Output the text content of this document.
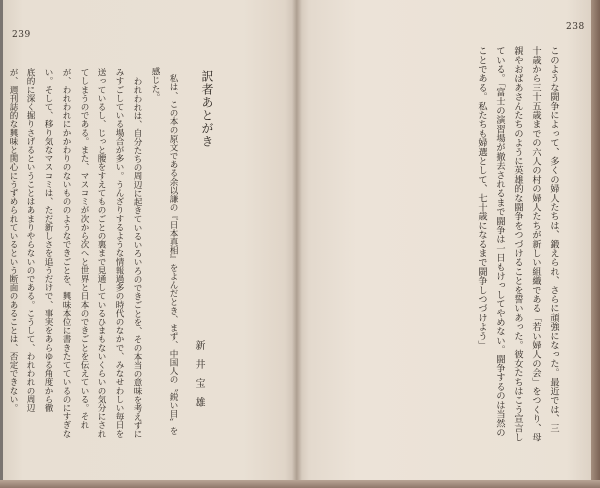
239
238
訳者あとがき
新井宝雄
私は、この本の原文である余以謙の『日本真相』をよんだとき、まず、中国人の〝鋭い目〟を
感じた。
われわれは、自分たちの周辺に起きているいろいろのできごとを、その本当の意味を考えずに
みすごしている場合が多い。うんざりするような情報過多の時代のなかで、みなせわしい毎日を
送っているし、じっと腰をすえてものごとの裏まで見通しているひまもないくらいの気分にされ
てしまうのである。また、マスコミが次から次へと世界と日本のできごとを伝えている。それ
が、われわれにかかわりのないもののようなできごとを、興味本位に書きたてているのにすぎな
い。そして、移り気なマスコミは、ただ新しさを追うだけで、事実をあらゆる角度から徹
底的に深く掘りさげるということはあまりやらないのである。こうして、われわれの周辺
が、週刊誌的な興味と関心にうずめられているという断面のあることは、否定できない。	このような闘争によって、多くの婦人たちは、鍛えられ、さらに頑強になった。最近では、三
十歳から三十五歳までの六人の村の婦人たちが新しい組織である「若い婦人の会」をつくり、母
親やおばあさんたちのように英雄的な闘争をつづけることを誓いあった。彼女たちはこう宣言し
ている。「富士の演習場が撤去されるまで闘争は一日もけっしてやめない。闘争するのは当然の
ことである。私たちも婦選として、七十歳になるまで闘争しつづけよう」
